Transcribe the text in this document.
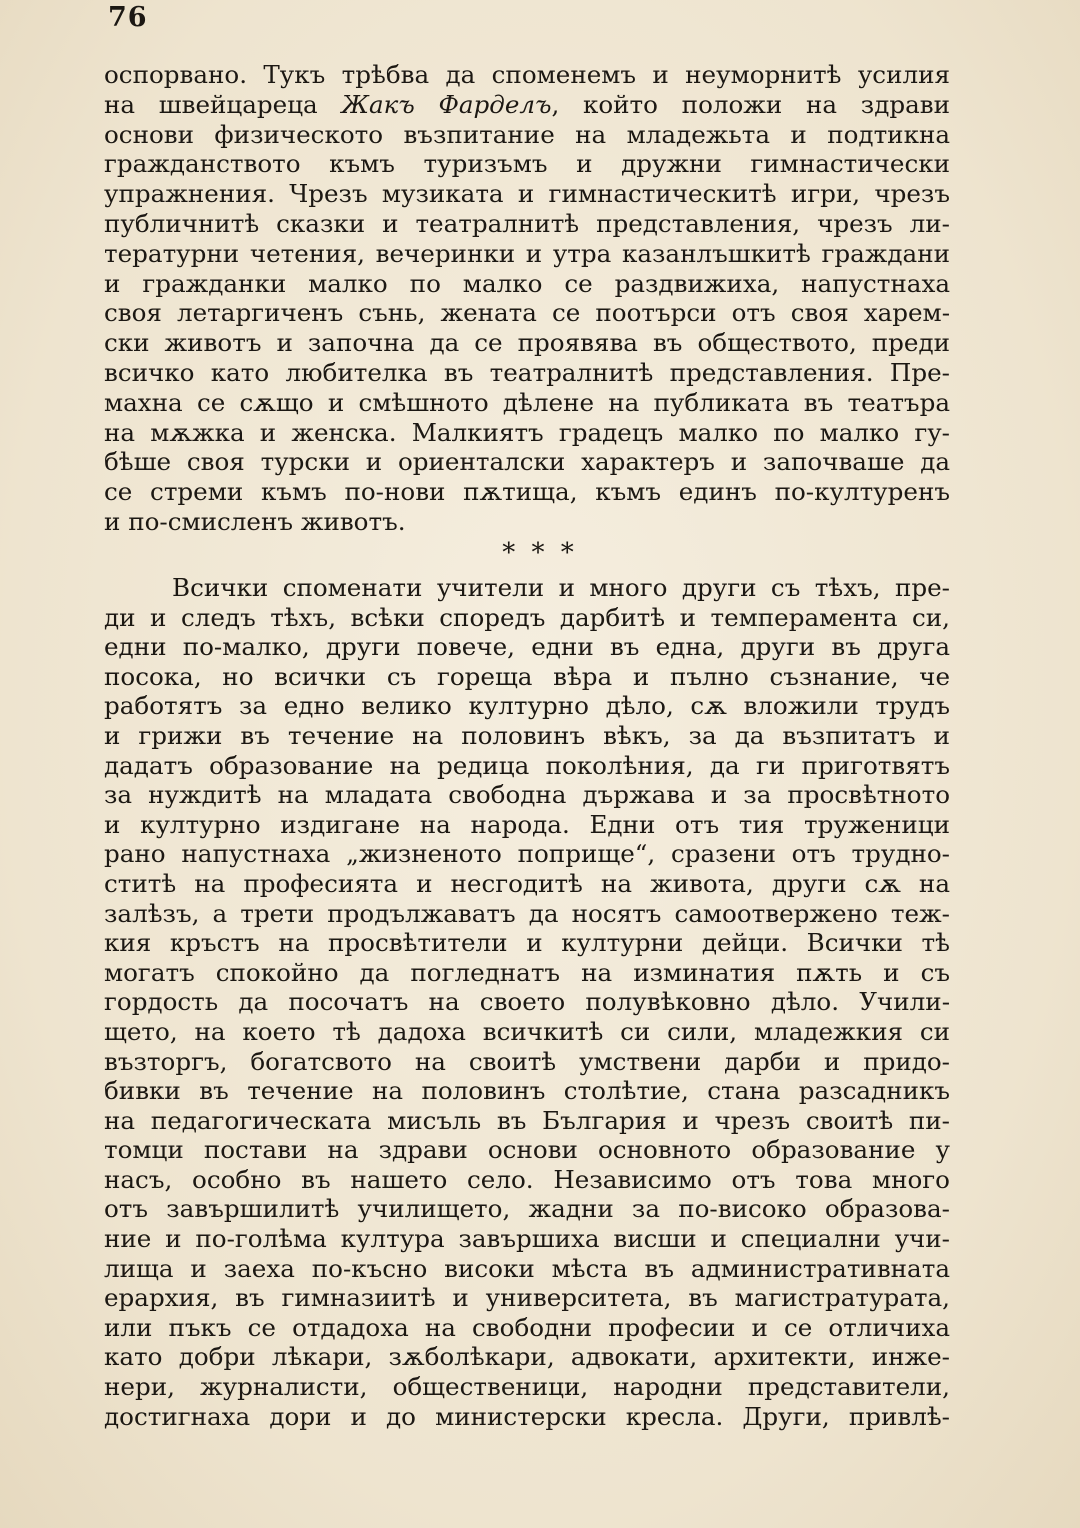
76
оспорвано. Тукъ трѣбва да споменемъ и неуморнитѣ усилия
на швейцареца Жакъ Фарделъ, който положи на здрави
основи физическото възпитание на младежьта и подтикна
гражданството къмъ туризъмъ и дружни гимнастически
упражнения. Чрезъ музиката и гимнастическитѣ игри, чрезъ
публичнитѣ сказки и театралнитѣ представления, чрезъ ли-
тературни четения, вечеринки и утра казанлъшкитѣ граждани
и гражданки малко по малко се раздвижиха, напустнаха
своя летаргиченъ сънь, жената се поотърси отъ своя харем-
ски животъ и започна да се проявява въ обществото, преди
всичко като любителка въ театралнитѣ представления. Пре-
махна се сѫщо и смѣшното дѣлене на публиката въ театъра
на мѫжка и женска. Малкиятъ градецъ малко по малко гу-
бѣше своя турски и ориенталски характеръ и започваше да
се стреми къмъ по-нови пѫтища, къмъ единъ по-културенъ
и по-смисленъ животъ.
* * *
Всички споменати учители и много други съ тѣхъ, пре-
ди и следъ тѣхъ, всѣки споредъ дарбитѣ и темперамента си,
едни по-малко, други повече, едни въ една, други въ друга
посока, но всички съ гореща вѣра и пълно съзнание, че
работятъ за едно велико културно дѣло, сѫ вложили трудъ
и грижи въ течение на половинъ вѣкъ, за да възпитатъ и
дадатъ образование на редица поколѣния, да ги приготвятъ
за нуждитѣ на младата свободна държава и за просвѣтното
и културно издигане на народа. Едни отъ тия труженици
рано напустнаха „жизненото поприще“, сразени отъ трудно-
ститѣ на професията и несгодитѣ на живота, други сѫ на
залѣзъ, а трети продължаватъ да носятъ самоотвержено теж-
кия кръстъ на просвѣтители и културни дейци. Всички тѣ
могатъ спокойно да погледнатъ на изминатия пѫть и съ
гордость да посочатъ на своето полувѣковно дѣло. Учили-
щето, на което тѣ дадоха всичкитѣ си сили, младежкия си
възторгъ, богатсвото на своитѣ умствени дарби и придо-
бивки въ течение на половинъ столѣтие, стана разсадникъ
на педагогическата мисъль въ България и чрезъ своитѣ пи-
томци постави на здрави основи основното образование у
насъ, особно въ нашето село. Независимо отъ това много
отъ завършилитѣ училището, жадни за по-високо образова-
ние и по-голѣма култура завършиха висши и специални учи-
лища и заеха по-късно високи мѣста въ административната
ерархия, въ гимназиитѣ и университета, въ магистратурата,
или пъкъ се отдадоха на свободни професии и се отличиха
като добри лѣкари, зѫболѣкари, адвокати, архитекти, инже-
нери, журналисти, общественици, народни представители,
достигнаха дори и до министерски кресла. Други, привлѣ-
